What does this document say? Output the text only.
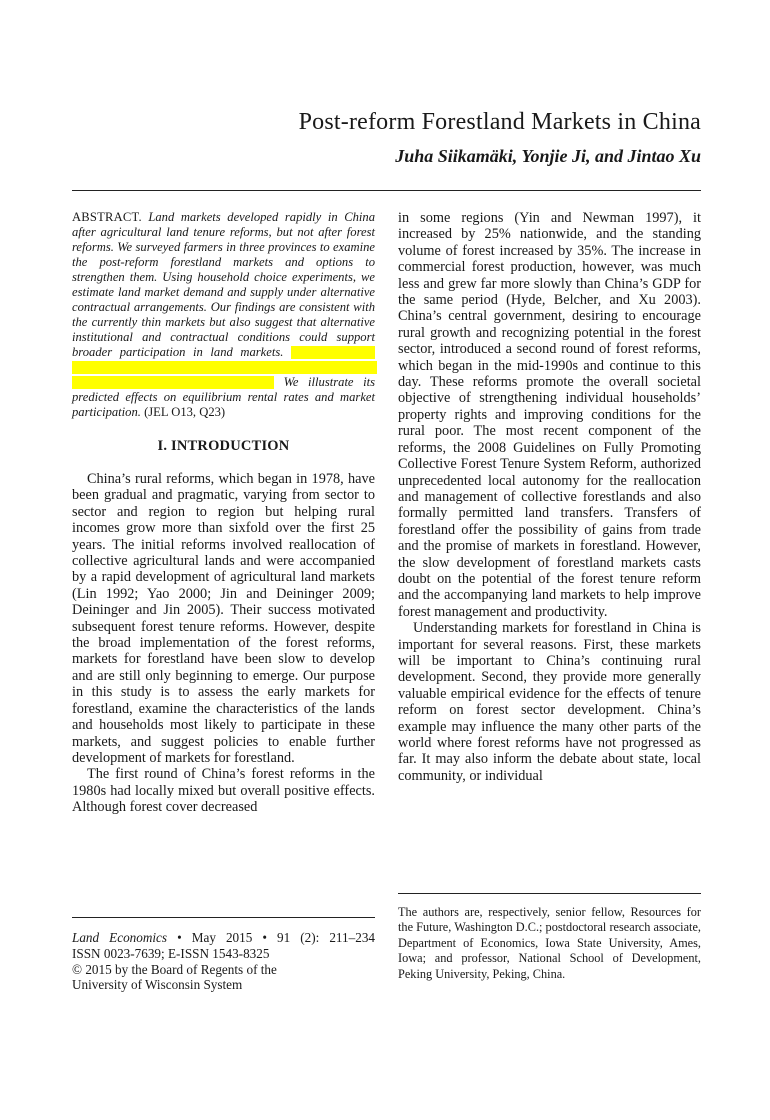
Post-reform Forestland Markets in China
Juha Siikamäki, Yonjie Ji, and Jintao Xu

ABSTRACT. Land markets developed rapidly in China after agricultural land tenure reforms, but not after forest reforms. We surveyed farmers in three provinces to examine the post-reform forestland markets and options to strengthen them. Using household choice experiments, we estimate land market demand and supply under alternative contractual arrangements. Our findings are consistent with the currently thin markets but also suggest that alternative institutional and contractual conditions could support broader participation in land markets.    We illustrate its predicted effects on equilibrium rental rates and market participation. (JEL O13, Q23)

I. INTRODUCTION

China’s rural reforms, which began in 1978, have been gradual and pragmatic, varying from sector to sector and region to region but helping rural incomes grow more than sixfold over the first 25 years. The initial reforms involved reallocation of collective agricultural lands and were accompanied by a rapid development of agricultural land markets (Lin 1992; Yao 2000; Jin and Deininger 2009; Deininger and Jin 2005). Their success motivated subsequent forest tenure reforms. However, despite the broad implementation of the forest reforms, markets for forestland have been slow to develop and are still only beginning to emerge. Our purpose in this study is to assess the early markets for forestland, examine the characteristics of the lands and households most likely to participate in these markets, and suggest policies to enable further development of markets for forestland.

The first round of China’s forest reforms in the 1980s had locally mixed but overall positive effects. Although forest cover decreased

in some regions (Yin and Newman 1997), it increased by 25% nationwide, and the standing volume of forest increased by 35%. The increase in commercial forest production, however, was much less and grew far more slowly than China’s GDP for the same period (Hyde, Belcher, and Xu 2003). China’s central government, desiring to encourage rural growth and recognizing potential in the forest sector, introduced a second round of forest reforms, which began in the mid-1990s and continue to this day. These reforms promote the overall societal objective of strengthening individual households’ property rights and improving conditions for the rural poor. The most recent component of the reforms, the 2008 Guidelines on Fully Promoting Collective Forest Tenure System Reform, authorized unprecedented local autonomy for the reallocation and management of collective forestlands and also formally permitted land transfers. Transfers of forestland offer the possibility of gains from trade and the promise of markets in forestland. However, the slow development of forestland markets casts doubt on the potential of the forest tenure reform and the accompanying land markets to help improve forest management and productivity.

Understanding markets for forestland in China is important for several reasons. First, these markets will be important to China’s continuing rural development. Second, they provide more generally valuable empirical evidence for the effects of tenure reform on forest sector development. China’s example may influence the many other parts of the world where forest reforms have not progressed as far. It may also inform the debate about state, local community, or individual

Land Economics • May 2015 • 91 (2): 211–234
ISSN 0023-7639; E-ISSN 1543-8325
© 2015 by the Board of Regents of the
University of Wisconsin System

The authors are, respectively, senior fellow, Resources for the Future, Washington D.C.; postdoctoral research associate, Department of Economics, Iowa State University, Ames, Iowa; and professor, National School of Development, Peking University, Peking, China.
